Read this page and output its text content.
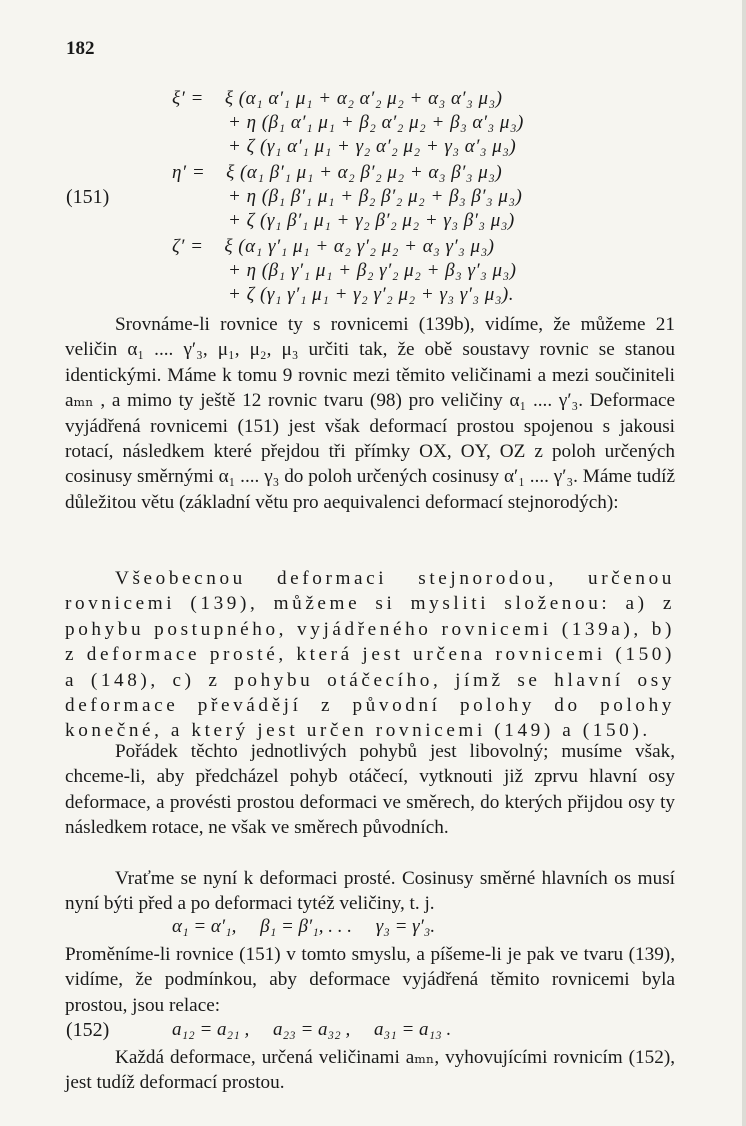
182
(151)
ξ′ =    ξ (α₁ α′₁ μ₁ + α₂ α′₂ μ₂ + α₃ α′₃ μ₃)
+ η (β₁ α′₁ μ₁ + β₂ α′₂ μ₂ + β₃ α′₃ μ₃)
+ ζ (γ₁ α′₁ μ₁ + γ₂ α′₂ μ₂ + γ₃ α′₃ μ₃)
η′ =    ξ (α₁ β′₁ μ₁ + α₂ β′₂ μ₂ + α₃ β′₃ μ₃)
+ η (β₁ β′₁ μ₁ + β₂ β′₂ μ₂ + β₃ β′₃ μ₃)
+ ζ (γ₁ β′₁ μ₁ + γ₂ β′₂ μ₂ + γ₃ β′₃ μ₃)
ζ′ =    ξ (α₁ γ′₁ μ₁ + α₂ γ′₂ μ₂ + α₃ γ′₃ μ₃)
+ η (β₁ γ′₁ μ₁ + β₂ γ′₂ μ₂ + β₃ γ′₃ μ₃)
+ ζ (γ₁ γ′₁ μ₁ + γ₂ γ′₂ μ₂ + γ₃ γ′₃ μ₃).

Srovnáme-li rovnice ty s rovnicemi (139b), vidíme, že můžeme 21 veličin α₁ .... γ′₃, μ₁, μ₂, μ₃ určiti tak, že obě soustavy rovnic se stanou identickými. Máme k tomu 9 rovnic mezi těmito veličinami a mezi součiniteli aₘₙ , a mimo ty ještě 12 rovnic tvaru (98) pro veličiny α₁ .... γ′₃. Deformace vyjádřená rovnicemi (151) jest však deformací prostou spojenou s jakousi rotací, následkem které přejdou tři přímky OX, OY, OZ z poloh určených cosinusy směrnými α₁ .... γ₃ do poloh určených cosinusy α′₁ .... γ′₃. Máme tudíž důležitou větu (základní větu pro aequivalenci deformací stejnorodých):

Všeobecnou deformaci stejnorodou, určenou rovnicemi (139), můžeme si mysliti složenou: a) z pohybu postupného, vyjádřeného rovnicemi (139a), b) z deformace prosté, která jest určena rovnicemi (150) a (148), c) z pohybu otáčecího, jímž se hlavní osy deformace převádějí z původní polohy do polohy konečné, a který jest určen rovnicemi (149) a (150).

Pořádek těchto jednotlivých pohybů jest libovolný; musíme však, chceme-li, aby předcházel pohyb otáčecí, vytknouti již zprvu hlavní osy deformace, a provésti prostou deformaci ve směrech, do kterých přijdou osy ty následkem rotace, ne však ve směrech původních.

Vraťme se nyní k deformaci prosté. Cosinusy směrné hlavních os musí nyní býti před a po deformaci tytéž veličiny, t. j.

α₁ = α′₁,     β₁ = β′₁, . . .     γ₃ = γ′₃.

Proměníme-li rovnice (151) v tomto smyslu, a píšeme-li je pak ve tvaru (139), vidíme, že podmínkou, aby deformace vyjádřená těmito rovnicemi byla prostou, jsou relace:

(152)	a₁₂ = a₂₁ ,     a₂₃ = a₃₂ ,     a₃₁ = a₁₃ .

Každá deformace, určená veličinami aₘₙ, vyhovujícími rovnicím (152), jest tudíž deformací prostou.
